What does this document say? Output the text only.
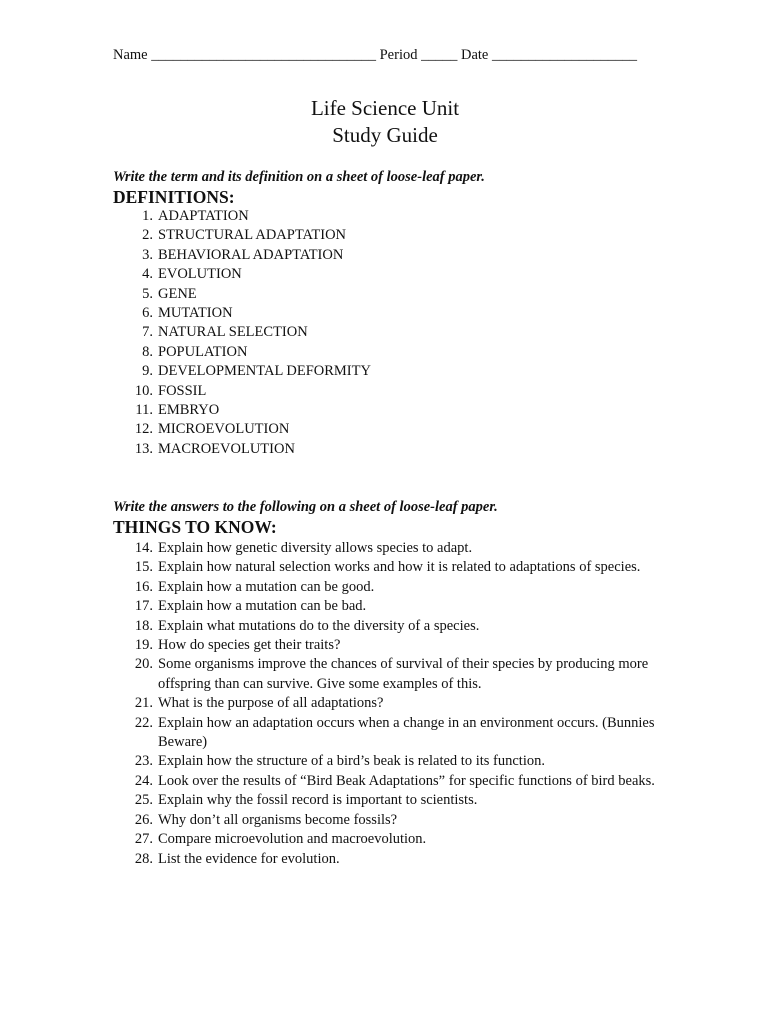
Name _______________________________ Period _____ Date ____________________
Life Science Unit
Study Guide
Write the term and its definition on a sheet of loose-leaf paper.
DEFINITIONS:
1. ADAPTATION
2. STRUCTURAL ADAPTATION
3. BEHAVIORAL ADAPTATION
4. EVOLUTION
5. GENE
6. MUTATION
7. NATURAL SELECTION
8. POPULATION
9. DEVELOPMENTAL DEFORMITY
10. FOSSIL
11. EMBRYO
12. MICROEVOLUTION
13. MACROEVOLUTION
Write the answers to the following on a sheet of loose-leaf paper.
THINGS TO KNOW:
14. Explain how genetic diversity allows species to adapt.
15. Explain how natural selection works and how it is related to adaptations of species.
16. Explain how a mutation can be good.
17. Explain how a mutation can be bad.
18. Explain what mutations do to the diversity of a species.
19. How do species get their traits?
20. Some organisms improve the chances of survival of their species by producing more offspring than can survive. Give some examples of this.
21. What is the purpose of all adaptations?
22. Explain how an adaptation occurs when a change in an environment occurs. (Bunnies Beware)
23. Explain how the structure of a bird’s beak is related to its function.
24. Look over the results of “Bird Beak Adaptations” for specific functions of bird beaks.
25. Explain why the fossil record is important to scientists.
26. Why don’t all organisms become fossils?
27. Compare microevolution and macroevolution.
28. List the evidence for evolution.
